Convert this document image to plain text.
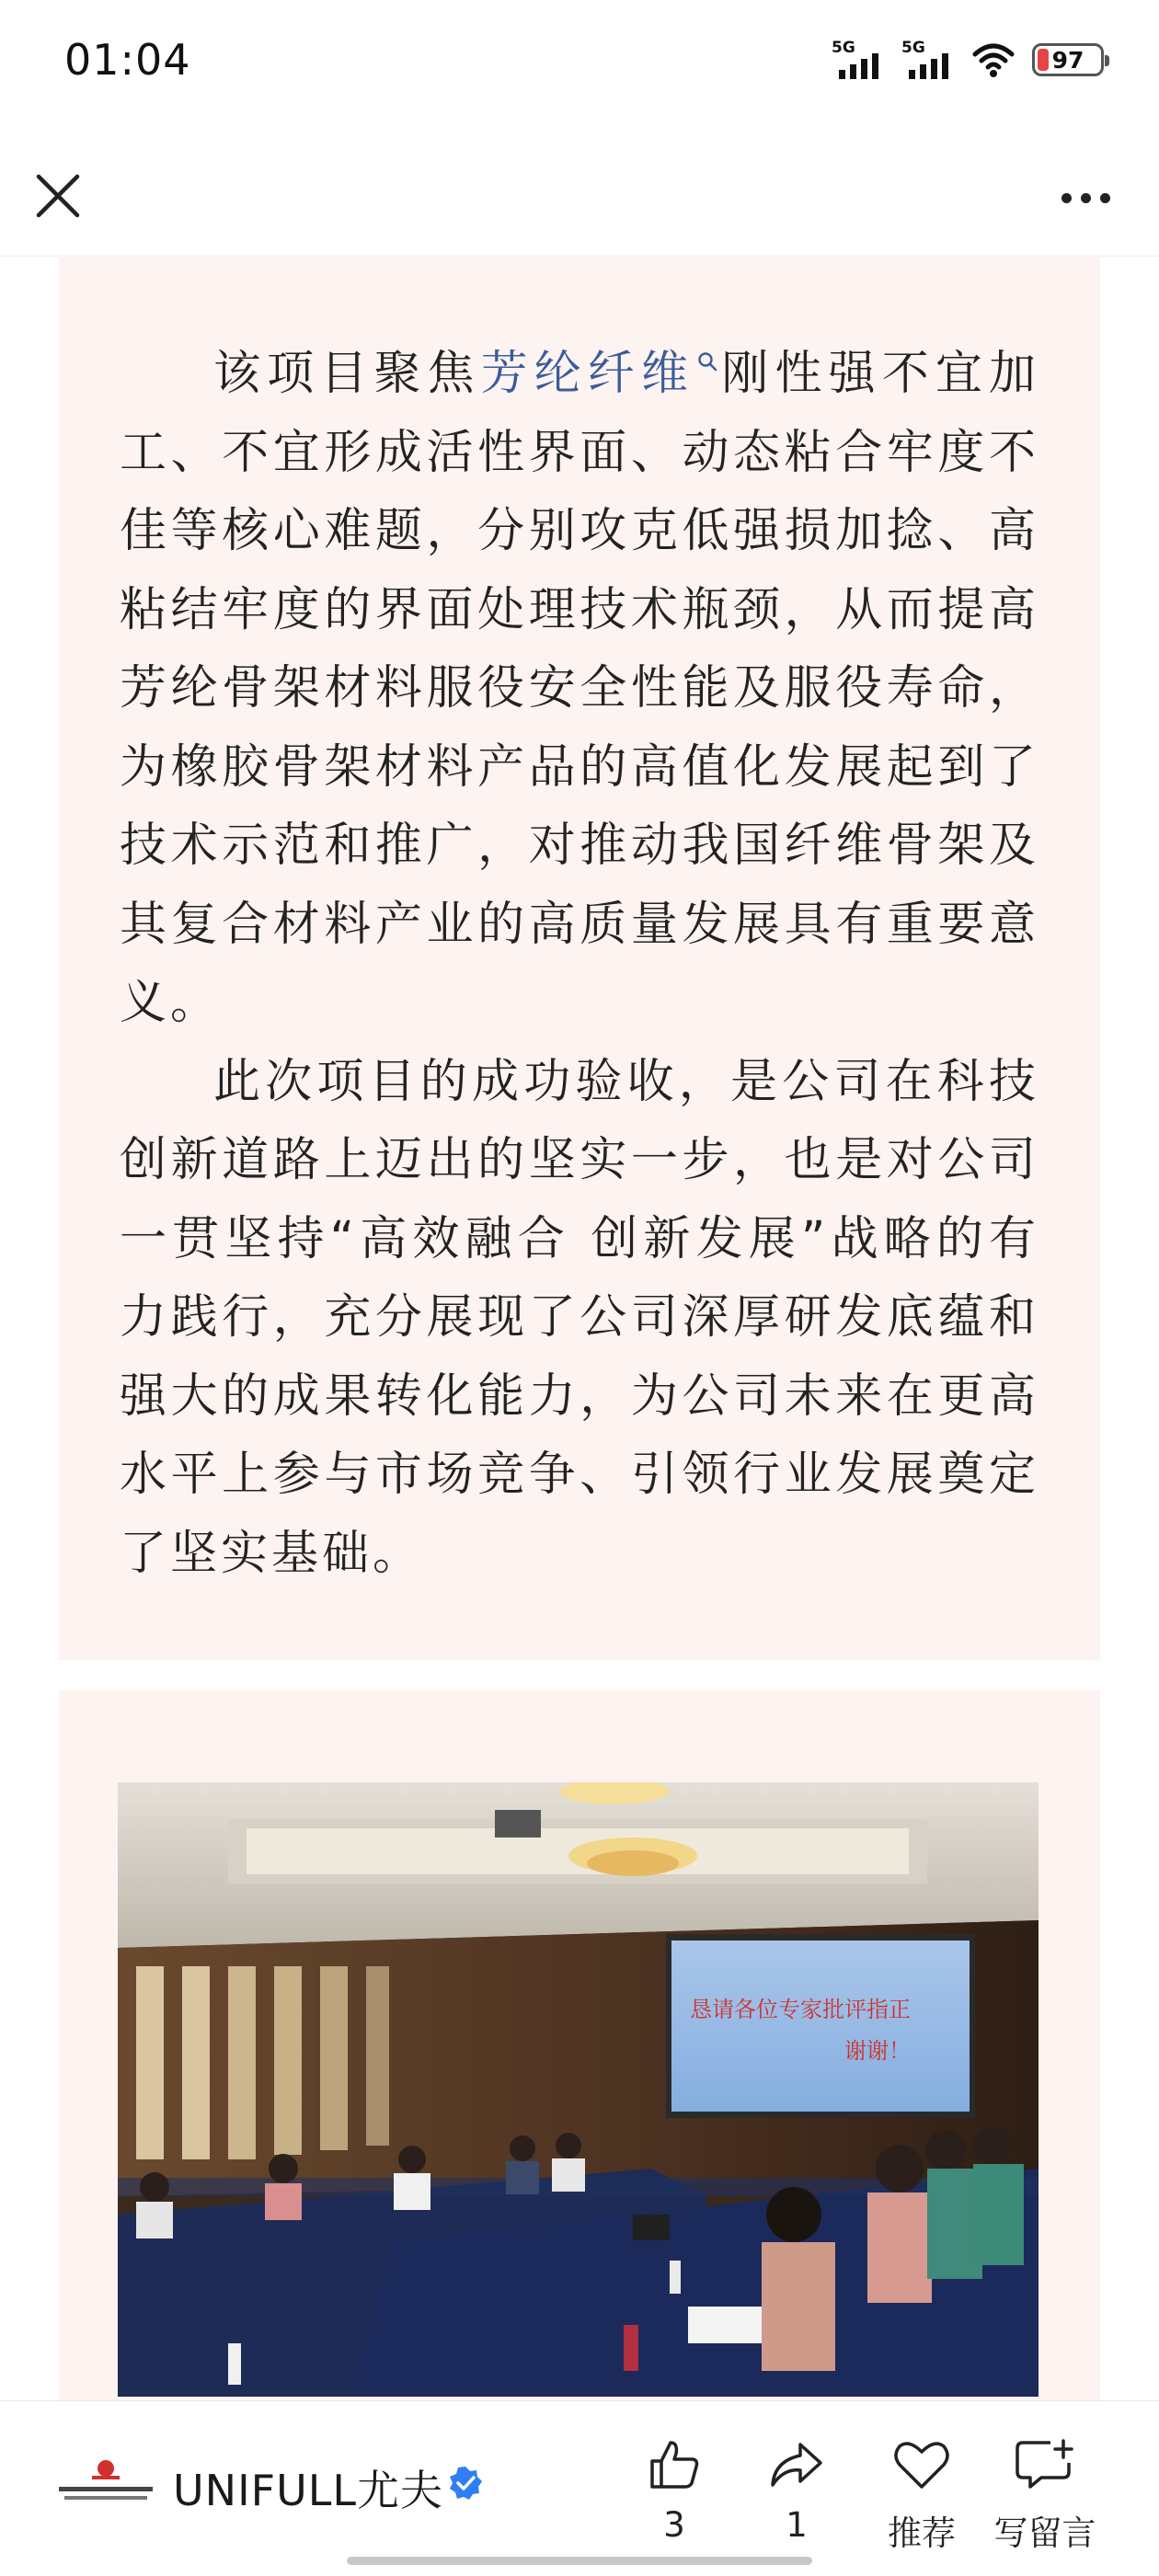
01:04	5G	5G	97

该项目聚焦芳纶纤维 刚性强不宜加工、不宜形成活性界面、动态粘合牢度不佳等核心难题，分别攻克低强损加捻、高粘结牢度的界面处理技术瓶颈，从而提高芳纶骨架材料服役安全性能及服役寿命，为橡胶骨架材料产品的高值化发展起到了技术示范和推广，对推动我国纤维骨架及其复合材料产业的高质量发展具有重要意义。

此次项目的成功验收，是公司在科技创新道路上迈出的坚实一步，也是对公司一贯坚持“高效融合 创新发展”战略的有力践行，充分展现了公司深厚研发底蕴和强大的成果转化能力，为公司未来在更高水平上参与市场竞争、引领行业发展奠定了坚实基础。

恳请各位专家批评指正
谢谢！
UNIFULL尤夫
3	1	推荐	写留言
